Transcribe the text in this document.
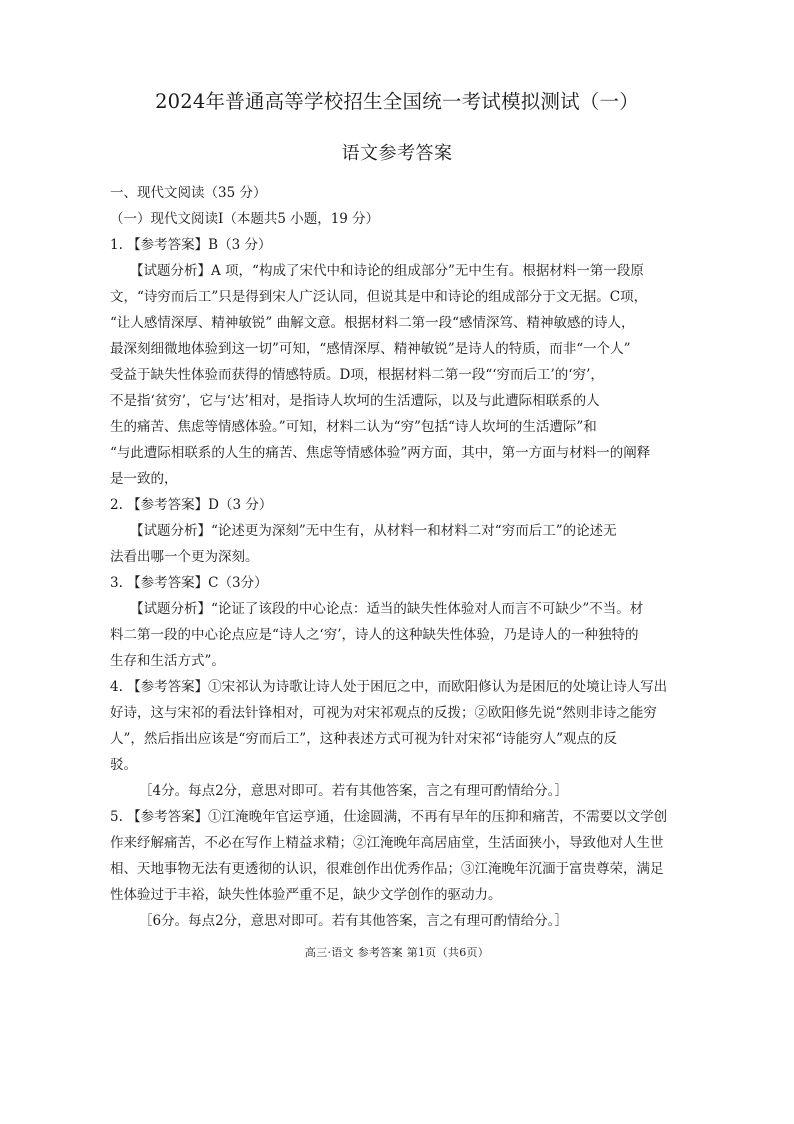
2024年普通高等学校招生全国统一考试模拟测试（一）
语文参考答案
一、现代文阅读（35 分）
（一）现代文阅读Ⅰ（本题共5 小题，19 分）
1. 【参考答案】B（3 分）
【试题分析】A 项，“构成了宋代中和诗论的组成部分”无中生有。根据材料一第一段原
文，“诗穷而后工”只是得到宋人广泛认同，但说其是中和诗论的组成部分于文无据。C项，
“让人感情深厚、精神敏锐” 曲解文意。根据材料二第一段“感情深笃、精神敏感的诗人，
最深刻细微地体验到这一切”可知，“感情深厚、精神敏锐”是诗人的特质，而非“一个人”
受益于缺失性体验而获得的情感特质。D项，根据材料二第一段“‘穷而后工’的‘穷’，
不是指‘贫穷’，它与‘达’相对，是指诗人坎坷的生活遭际，以及与此遭际相联系的人
生的痛苦、焦虑等情感体验。”可知，材料二认为“穷”包括“诗人坎坷的生活遭际”和
“与此遭际相联系的人生的痛苦、焦虑等情感体验”两方面，其中，第一方面与材料一的阐释
是一致的，
2. 【参考答案】D（3 分）
【试题分析】“论述更为深刻”无中生有，从材料一和材料二对“穷而后工”的论述无
法看出哪一个更为深刻。
3. 【参考答案】C（3分）
【试题分析】“论证了该段的中心论点：适当的缺失性体验对人而言不可缺少”不当。材
料二第一段的中心论点应是“诗人之‘穷’，诗人的这种缺失性体验，乃是诗人的一种独特的
生存和生活方式”。
4. 【参考答案】①宋祁认为诗歌让诗人处于困厄之中，而欧阳修认为是困厄的处境让诗人写出
好诗，这与宋祁的看法针锋相对，可视为对宋祁观点的反拨；②欧阳修先说“然则非诗之能穷
人”，然后指出应该是“穷而后工”，这种表述方式可视为针对宋祁“诗能穷人”观点的反
驳。
［4分。每点2分，意思对即可。若有其他答案，言之有理可酌情给分。］
5. 【参考答案】①江淹晚年官运亨通，仕途圆满，不再有早年的压抑和痛苦，不需要以文学创
作来纾解痛苦，不必在写作上精益求精；②江淹晚年高居庙堂，生活面狭小，导致他对人生世
相、天地事物无法有更透彻的认识，很难创作出优秀作品；③江淹晚年沉湎于富贵尊荣，满足
性体验过于丰裕，缺失性体验严重不足，缺少文学创作的驱动力。
［6分。每点2分，意思对即可。若有其他答案，言之有理可酌情给分。］
高三·语文 参考答案 第1页（共6页）
